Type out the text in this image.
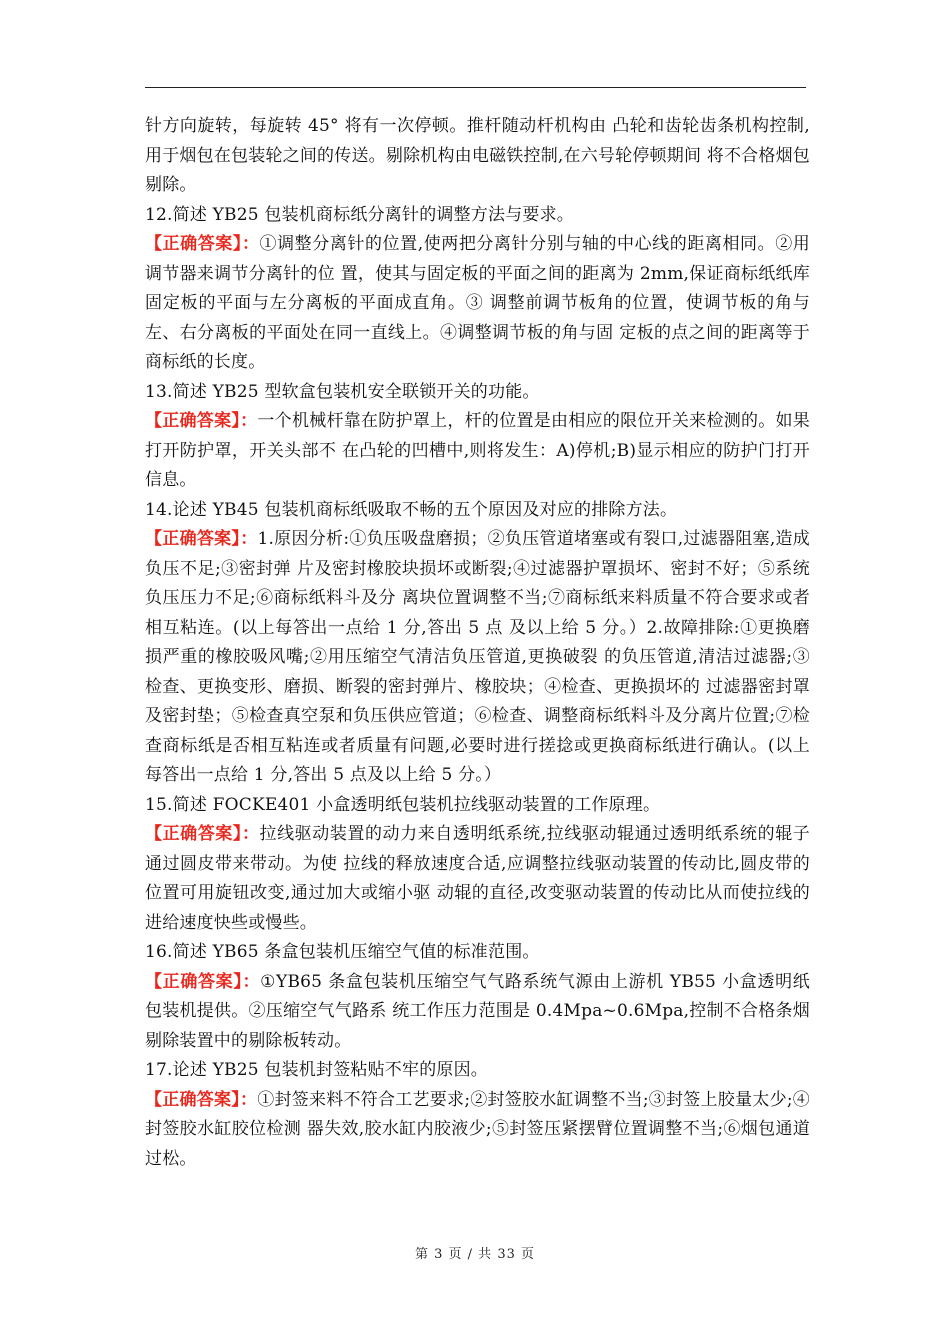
针方向旋转，每旋转 45° 将有一次停顿。推杆随动杆机构由 凸轮和齿轮齿条机构控制,用于烟包在包装轮之间的传送。剔除机构由电磁铁控制,在六号轮停顿期间 将不合格烟包剔除。

12.简述 YB25 包装机商标纸分离针的调整方法与要求。

【正确答案】：①调整分离针的位置,使两把分离针分别与轴的中心线的距离相同。②用调节器来调节分离针的位 置，使其与固定板的平面之间的距离为 2mm,保证商标纸纸库固定板的平面与左分离板的平面成直角。③ 调整前调节板角的位置，使调节板的角与左、右分离板的平面处在同一直线上。④调整调节板的角与固 定板的点之间的距离等于商标纸的长度。

13.简述 YB25 型软盒包装机安全联锁开关的功能。

【正确答案】：一个机械杆靠在防护罩上，杆的位置是由相应的限位开关来检测的。如果打开防护罩，开关头部不 在凸轮的凹槽中,则将发生：A)停机;B)显示相应的防护门打开信息。

14.论述 YB45 包装机商标纸吸取不畅的五个原因及对应的排除方法。

【正确答案】：1.原因分析:①负压吸盘磨损；②负压管道堵塞或有裂口,过滤器阻塞,造成负压不足;③密封弹 片及密封橡胶块损坏或断裂;④过滤器护罩损坏、密封不好；⑤系统负压压力不足;⑥商标纸料斗及分 离块位置调整不当;⑦商标纸来料质量不符合要求或者相互粘连。(以上每答出一点给 1 分,答出 5 点 及以上给 5 分。）2.故障排除:①更换磨损严重的橡胶吸风嘴;②用压缩空气清洁负压管道,更换破裂 的负压管道,清洁过滤器;③检查、更换变形、磨损、断裂的密封弹片、橡胶块；④检查、更换损坏的 过滤器密封罩及密封垫；⑤检查真空泵和负压供应管道；⑥检查、调整商标纸料斗及分离片位置;⑦检 查商标纸是否相互粘连或者质量有问题,必要时进行搓捻或更换商标纸进行确认。(以上每答出一点给 1 分,答出 5 点及以上给 5 分。）

15.简述 FOCKE401 小盒透明纸包装机拉线驱动装置的工作原理。

【正确答案】：拉线驱动装置的动力来自透明纸系统,拉线驱动辊通过透明纸系统的辊子通过圆皮带来带动。为使 拉线的释放速度合适,应调整拉线驱动装置的传动比,圆皮带的位置可用旋钮改变,通过加大或缩小驱 动辊的直径,改变驱动装置的传动比从而使拉线的进给速度快些或慢些。

16.简述 YB65 条盒包装机压缩空气值的标准范围。

【正确答案】：①YB65 条盒包装机压缩空气气路系统气源由上游机 YB55 小盒透明纸包装机提供。②压缩空气气路系 统工作压力范围是 0.4Mpa~0.6Mpa,控制不合格条烟剔除装置中的剔除板转动。

17.论述 YB25 包装机封签粘贴不牢的原因。

【正确答案】：①封签来料不符合工艺要求;②封签胶水缸调整不当;③封签上胶量太少;④封签胶水缸胶位检测 器失效,胶水缸内胶液少;⑤封签压紧摆臂位置调整不当;⑥烟包通道过松。

第 3 页 / 共 33 页
